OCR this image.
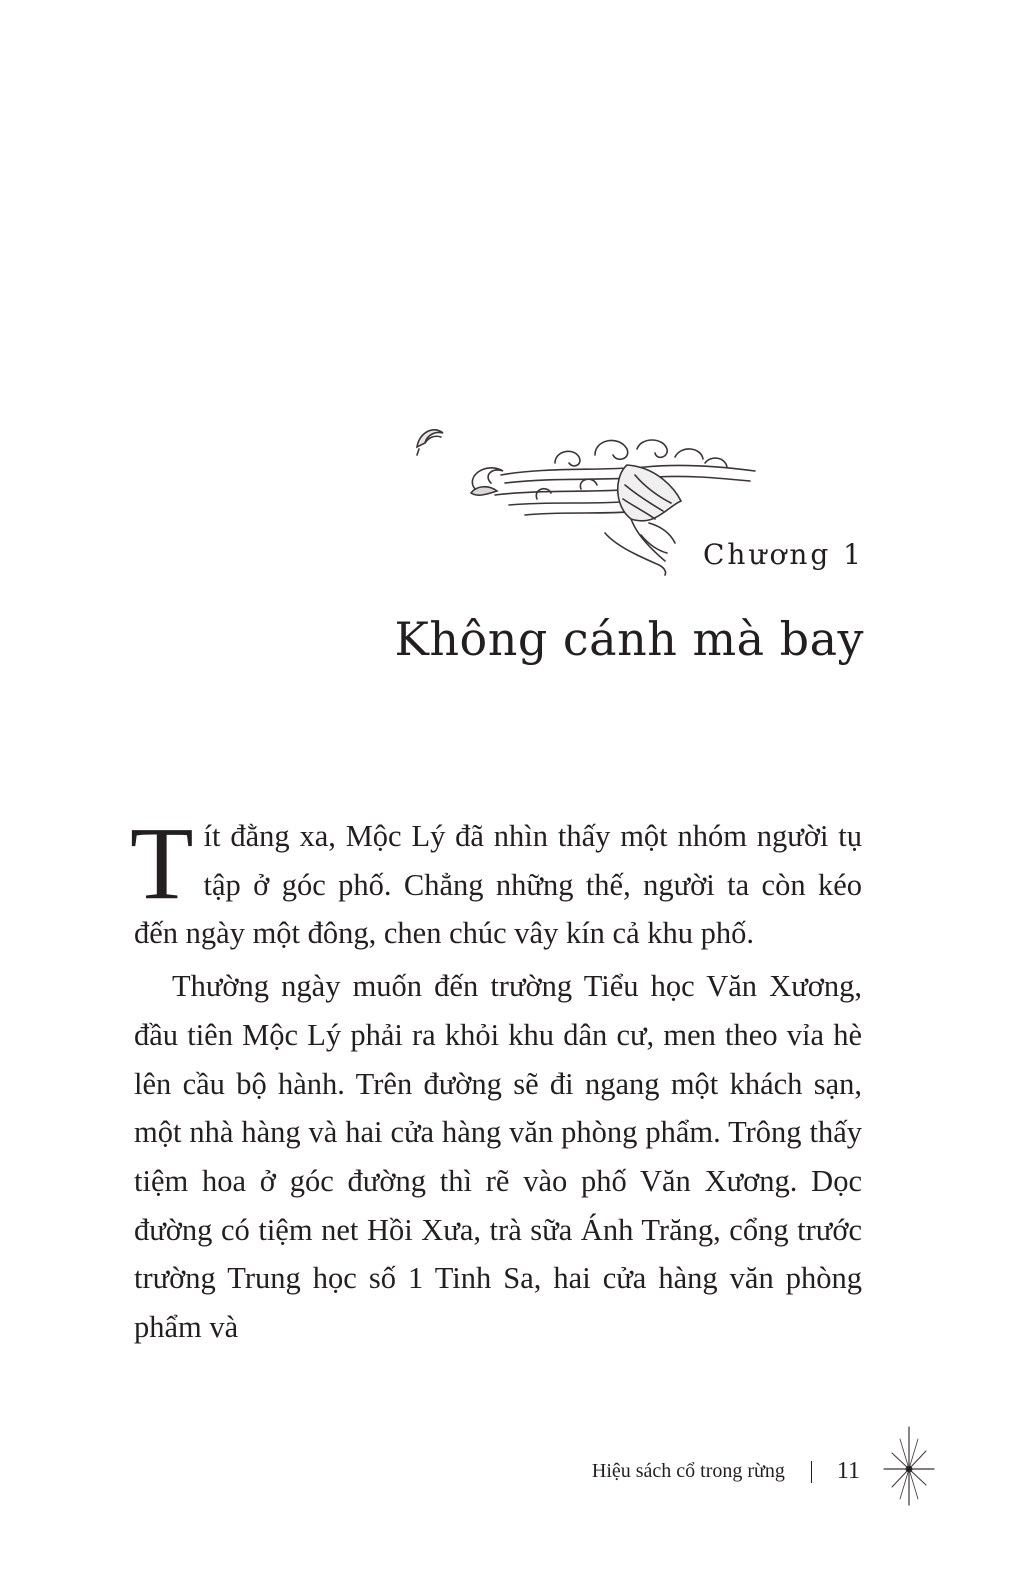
Chương 1
Không cánh mà bay

Tít đằng xa, Mộc Lý đã nhìn thấy một nhóm người tụ tập ở góc phố. Chẳng những thế, người ta còn kéo đến ngày một đông, chen chúc vây kín cả khu phố.

Thường ngày muốn đến trường Tiểu học Văn Xương, đầu tiên Mộc Lý phải ra khỏi khu dân cư, men theo vỉa hè lên cầu bộ hành. Trên đường sẽ đi ngang một khách sạn, một nhà hàng và hai cửa hàng văn phòng phẩm. Trông thấy tiệm hoa ở góc đường thì rẽ vào phố Văn Xương. Dọc đường có tiệm net Hồi Xưa, trà sữa Ánh Trăng, cổng trước trường Trung học số 1 Tinh Sa, hai cửa hàng văn phòng phẩm và

Hiệu sách cổ trong rừng 11
